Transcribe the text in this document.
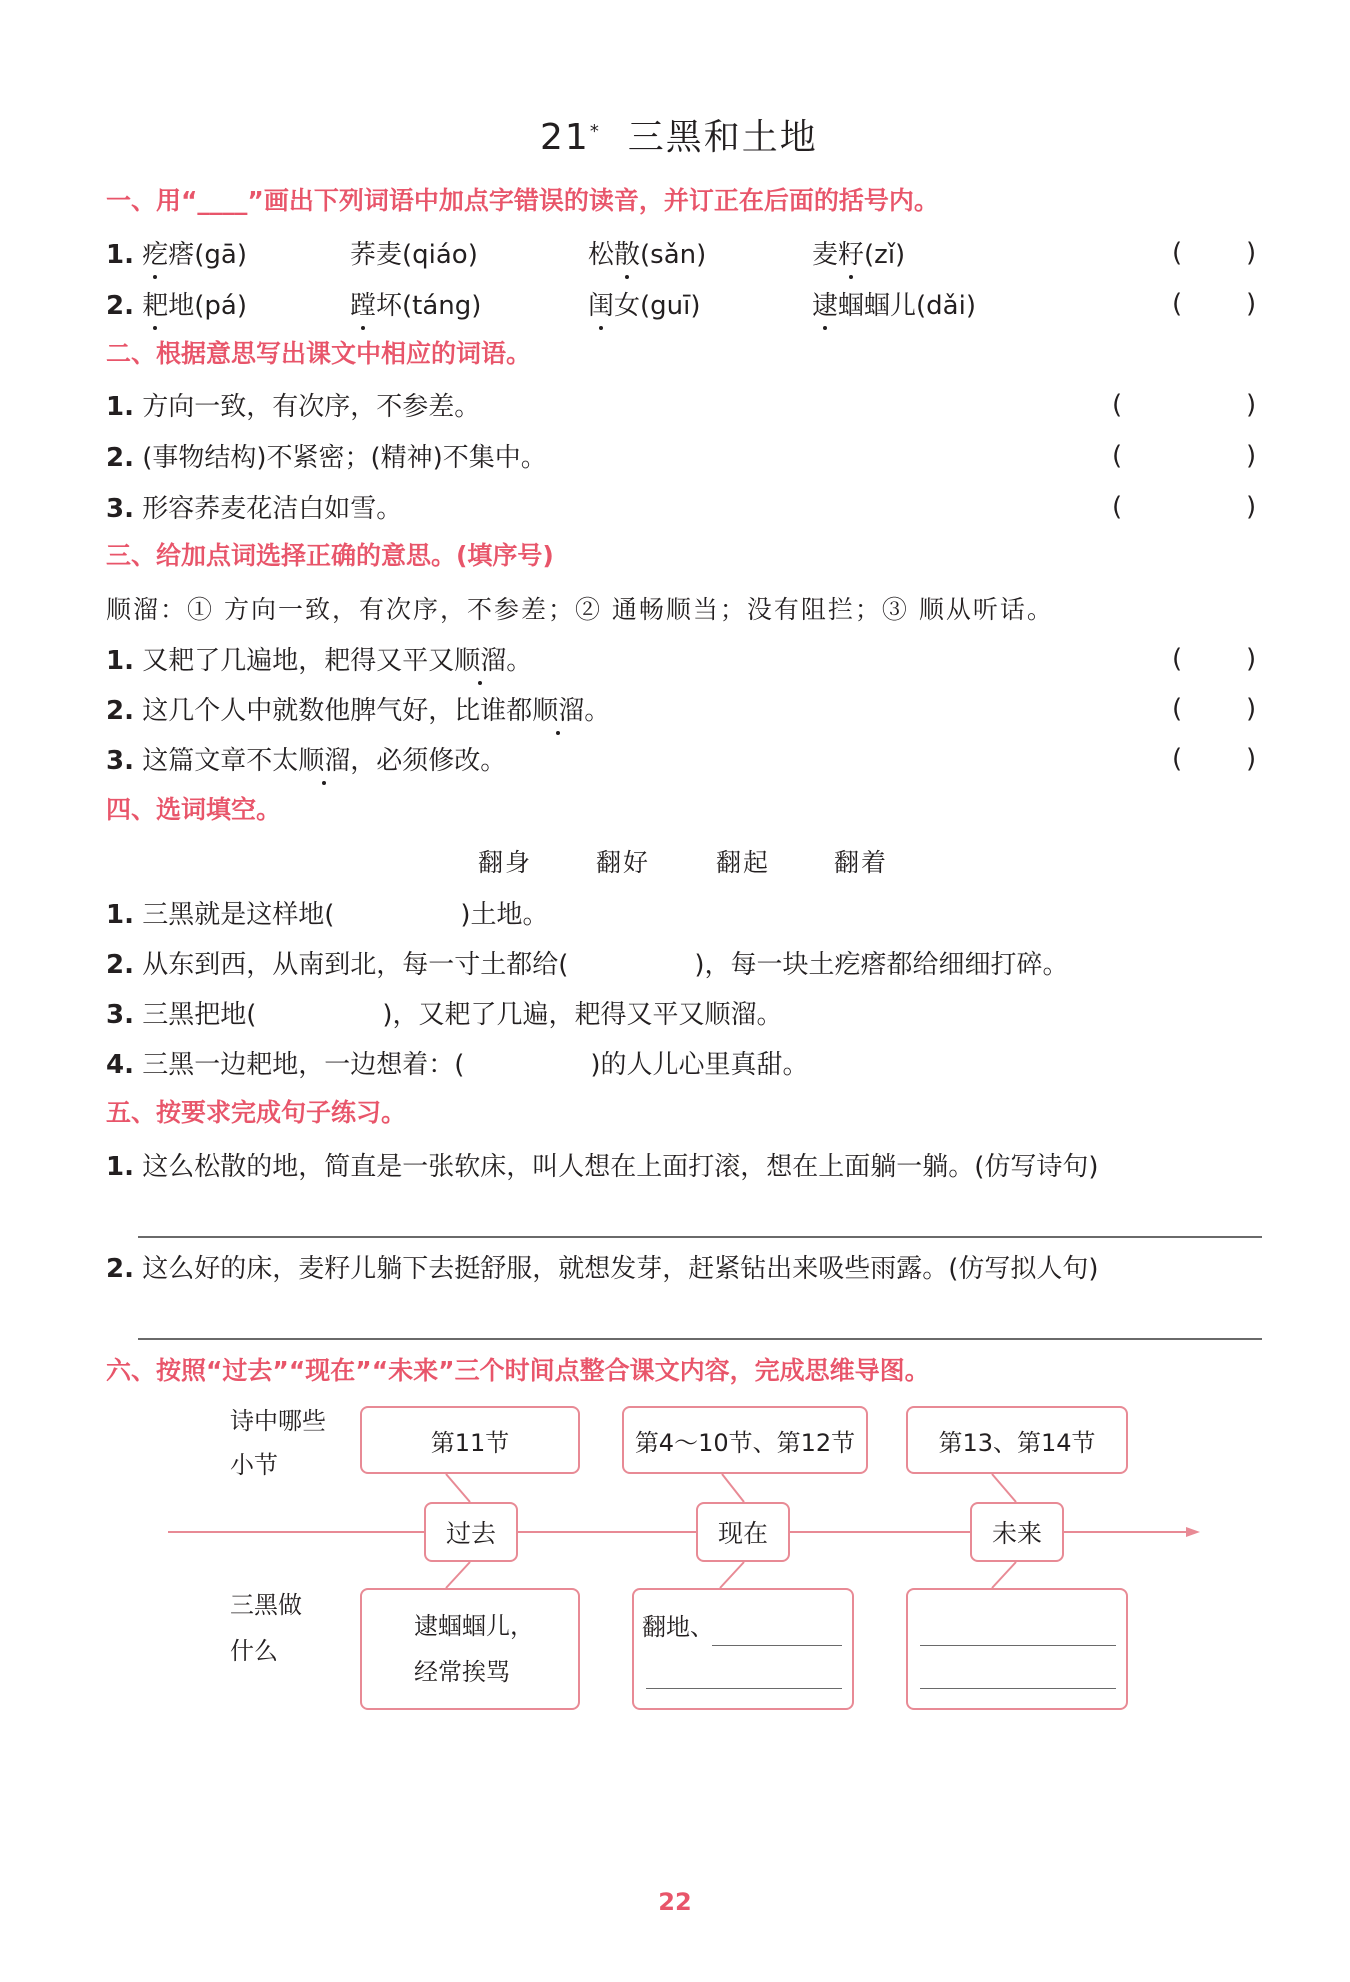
21* 三黑和土地
一、用“____”画出下列词语中加点字错误的读音，并订正在后面的括号内。
1. 疙瘩(gā)	荞麦(qiáo)	松散(sǎn)	麦籽(zǐ)	( )
2. 耙地(pá)	蹚坏(táng)	闺女(guī)	逮蝈蝈儿(dǎi)	( )
二、根据意思写出课文中相应的词语。
1. 方向一致，有次序，不参差。	(	)
2. (事物结构)不紧密；(精神)不集中。	(	)
3. 形容荞麦花洁白如雪。	(	)
三、给加点词选择正确的意思。(填序号)
顺溜：① 方向一致，有次序，不参差；② 通畅顺当；没有阻拦；③ 顺从听话。
1. 又耙了几遍地，耙得又平又顺溜。	( )
2. 这几个人中就数他脾气好，比谁都顺溜。	( )
3. 这篇文章不太顺溜，必须修改。	( )
四、选词填空。
翻身	翻好	翻起	翻着
1. 三黑就是这样地(	)土地。
2. 从东到西，从南到北，每一寸土都给(	)，每一块土疙瘩都给细细打碎。
3. 三黑把地(	)，又耙了几遍，耙得又平又顺溜。
4. 三黑一边耙地，一边想着：(	)的人儿心里真甜。
五、按要求完成句子练习。
1. 这么松散的地，简直是一张软床，叫人想在上面打滚，想在上面躺一躺。(仿写诗句)
2. 这么好的床，麦籽儿躺下去挺舒服，就想发芽，赶紧钻出来吸些雨露。(仿写拟人句)
六、按照“过去”“现在”“未来”三个时间点整合课文内容，完成思维导图。
诗中哪些
小节
三黑做
什么
第11节	第4～10节、第12节	第13、第14节
过去	现在	未来
逮蝈蝈儿，
经常挨骂
翻地、
22
